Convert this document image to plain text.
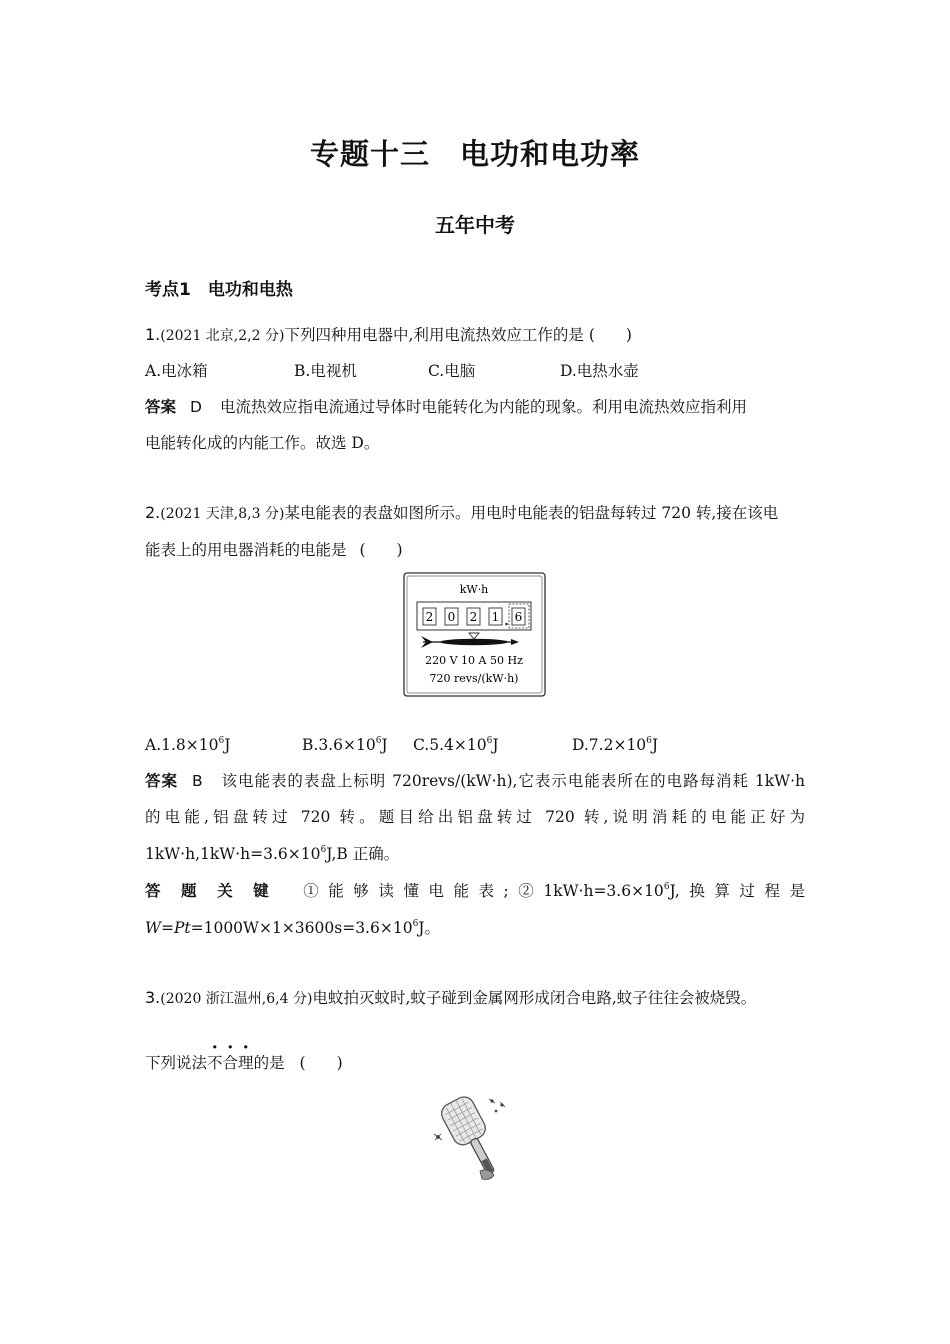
专题十三　电功和电功率
五年中考
考点1　电功和电热
1.(2021 北京,2,2 分)下列四种用电器中,利用电流热效应工作的是 (　　)
A.电冰箱	B.电视机	C.电脑	D.电热水壶
答案 D 电流热效应指电流通过导体时电能转化为内能的现象。利用电流热效应指利用
电能转化成的内能工作。故选 D。
2.(2021 天津,8,3 分)某电能表的表盘如图所示。用电时电能表的铝盘每转过 720 转,接在该电
能表上的用电器消耗的电能是 (　　)
kW·h
2 0 2 1 6
220 V 10 A 50 Hz
720 revs/(kW·h)
$A.1.8\times 10^6J$	$B.3.6\times 10^6J$ $C.5.4\times 10^6J$	$D.7.2\times 10^6J$
答案 B 该电能表的表盘上标明 720revs/(kW·h),它表示电能表所在的电路每消耗 1kW·h
的电能,铝盘转过 720 转。题目给出铝盘转过 720 转,说明消耗的电能正好为
$1kW\cdot h,1kW\cdot h=3.6\times 10^6J,B$ 正确。
答题关键 ①能够读懂电能表$;②1kW\cdot h=3.6\times 10^6J$,换算过程是
$W=Pt=1000W\times 1\times 3600s=3.6\times 10^6J$。
3.(2020 浙江温州,6,4 分)电蚊拍灭蚊时,蚊子碰到金属网形成闭合电路,蚊子往往会被烧毁。
下列说法不合理的是 (　　)
